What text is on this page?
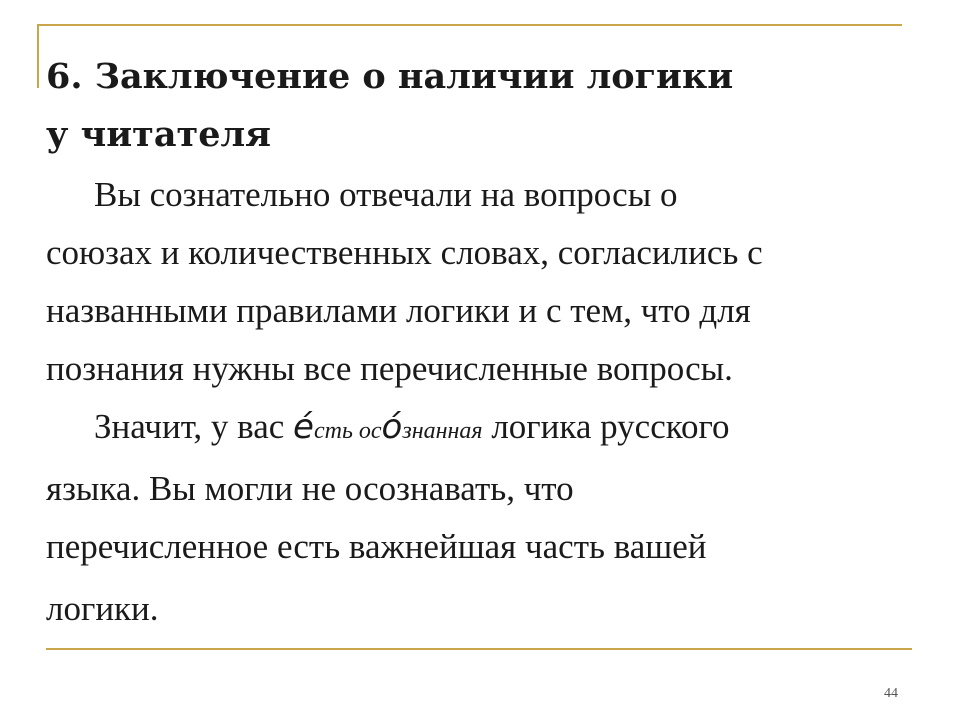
6. Заключение о наличии логики
у читателя
Вы сознательно отвечали на вопросы о
союзах и количественных словах, согласились с
названными правилами логики и с тем, что для
познания нужны все перечисленные вопросы.
Значит, у вас éсть осóзнанная логика русского
языка. Вы могли не осознавать, что
перечисленное есть важнейшая часть вашей
логики.
44
